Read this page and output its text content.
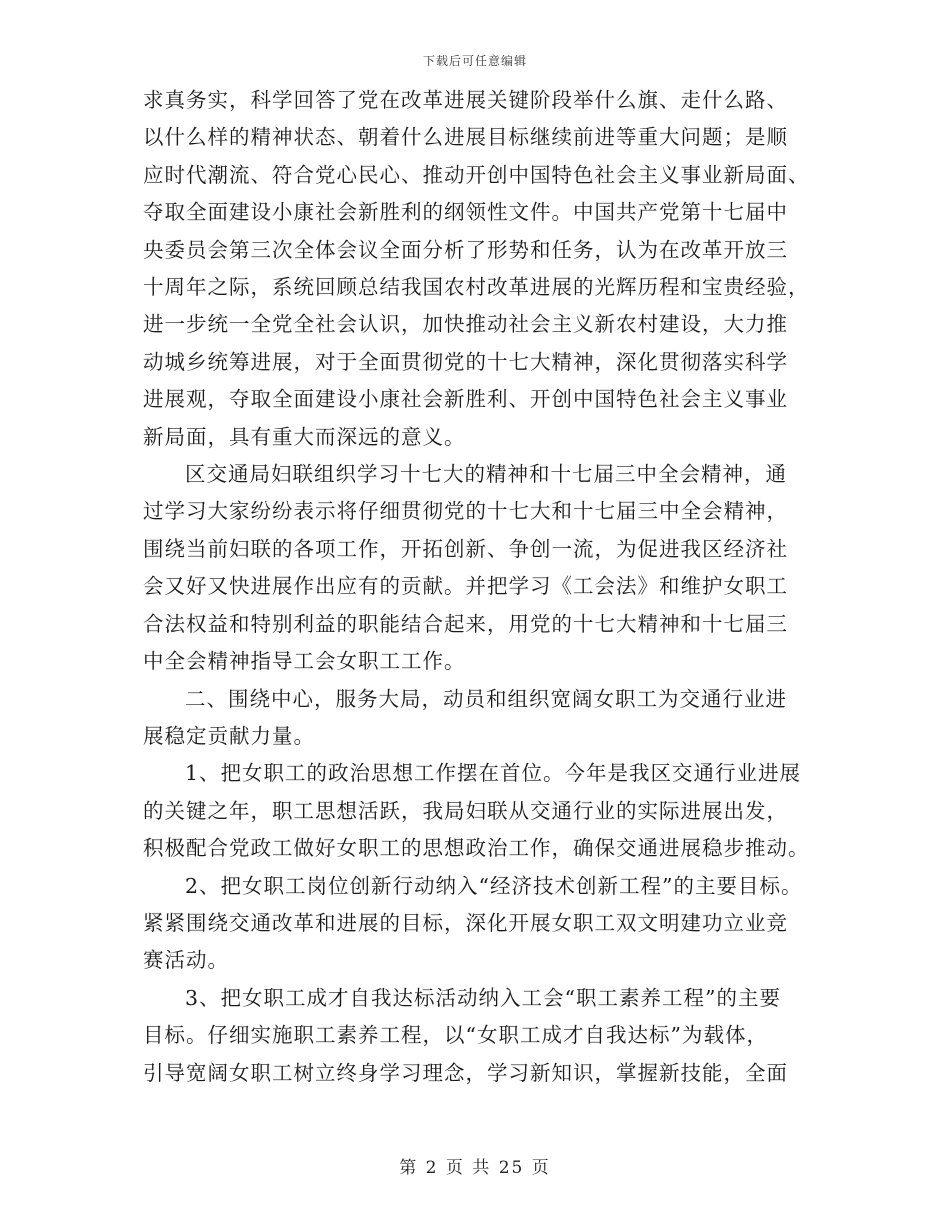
下载后可任意编辑
求真务实，科学回答了党在改革进展关键阶段举什么旗、走什么路、
以什么样的精神状态、朝着什么进展目标继续前进等重大问题；是顺
应时代潮流、符合党心民心、推动开创中国特色社会主义事业新局面、
夺取全面建设小康社会新胜利的纲领性文件。中国共产党第十七届中
央委员会第三次全体会议全面分析了形势和任务，认为在改革开放三
十周年之际，系统回顾总结我国农村改革进展的光辉历程和宝贵经验，
进一步统一全党全社会认识，加快推动社会主义新农村建设，大力推
动城乡统筹进展，对于全面贯彻党的十七大精神，深化贯彻落实科学
进展观，夺取全面建设小康社会新胜利、开创中国特色社会主义事业
新局面，具有重大而深远的意义。
区交通局妇联组织学习十七大的精神和十七届三中全会精神，通
过学习大家纷纷表示将仔细贯彻党的十七大和十七届三中全会精神，
围绕当前妇联的各项工作，开拓创新、争创一流，为促进我区经济社
会又好又快进展作出应有的贡献。并把学习《工会法》和维护女职工
合法权益和特别利益的职能结合起来，用党的十七大精神和十七届三
中全会精神指导工会女职工工作。
二、围绕中心，服务大局，动员和组织宽阔女职工为交通行业进
展稳定贡献力量。
1、把女职工的政治思想工作摆在首位。今年是我区交通行业进展
的关键之年，职工思想活跃，我局妇联从交通行业的实际进展出发，
积极配合党政工做好女职工的思想政治工作，确保交通进展稳步推动。
2、把女职工岗位创新行动纳入“经济技术创新工程”的主要目标。
紧紧围绕交通改革和进展的目标，深化开展女职工双文明建功立业竞
赛活动。
3、把女职工成才自我达标活动纳入工会“职工素养工程”的主要
目标。仔细实施职工素养工程，以“女职工成才自我达标”为载体，
引导宽阔女职工树立终身学习理念，学习新知识，掌握新技能，全面
第 2 页 共 25 页
